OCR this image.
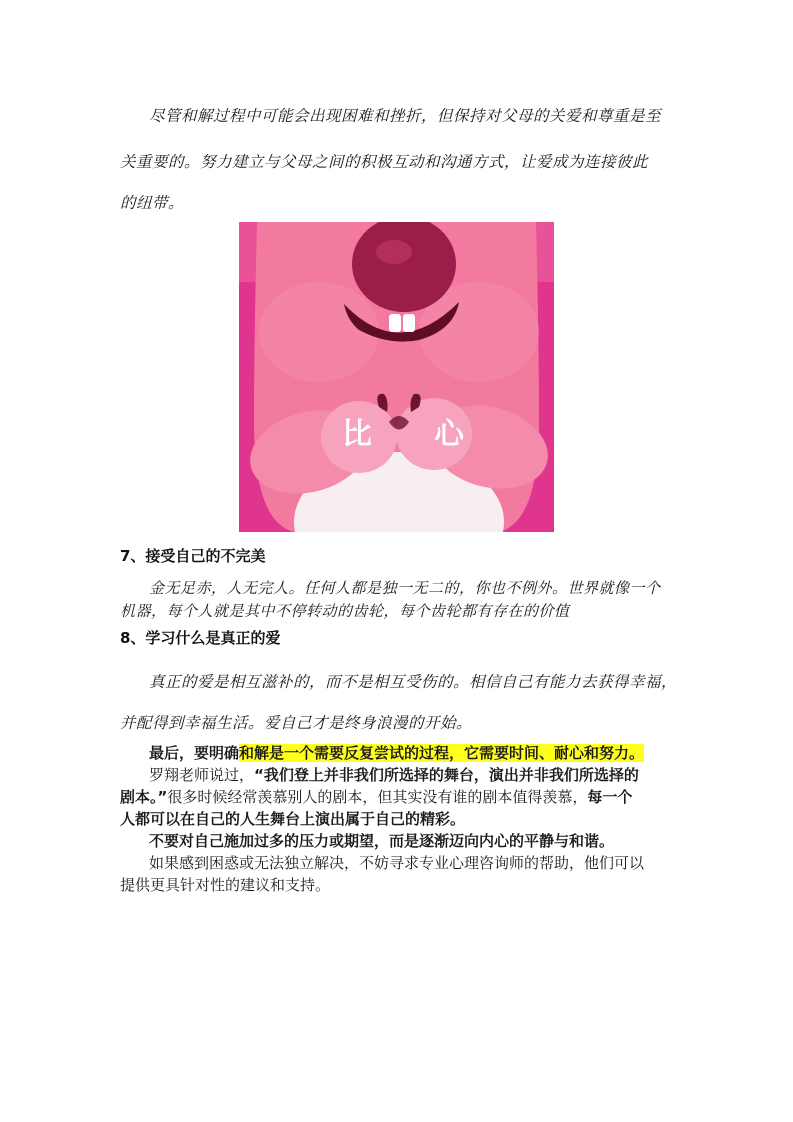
尽管和解过程中可能会出现困难和挫折，但保持对父母的关爱和尊重是至
关重要的。努力建立与父母之间的积极互动和沟通方式，让爱成为连接彼此
的纽带。
比 心
7、接受自己的不完美
金无足赤，人无完人。任何人都是独一无二的，你也不例外。世界就像一个
机器，每个人就是其中不停转动的齿轮，每个齿轮都有存在的价值
8、学习什么是真正的爱
真正的爱是相互滋补的，而不是相互受伤的。相信自己有能力去获得幸福，
并配得到幸福生活。爱自己才是终身浪漫的开始。
最后，要明确和解是一个需要反复尝试的过程，它需要时间、耐心和努力。
罗翔老师说过，“我们登上并非我们所选择的舞台，演出并非我们所选择的
剧本。”很多时候经常羡慕别人的剧本，但其实没有谁的剧本值得羡慕，每一个
人都可以在自己的人生舞台上演出属于自己的精彩。
不要对自己施加过多的压力或期望，而是逐渐迈向内心的平静与和谐。
如果感到困惑或无法独立解决，不妨寻求专业心理咨询师的帮助，他们可以
提供更具针对性的建议和支持。
